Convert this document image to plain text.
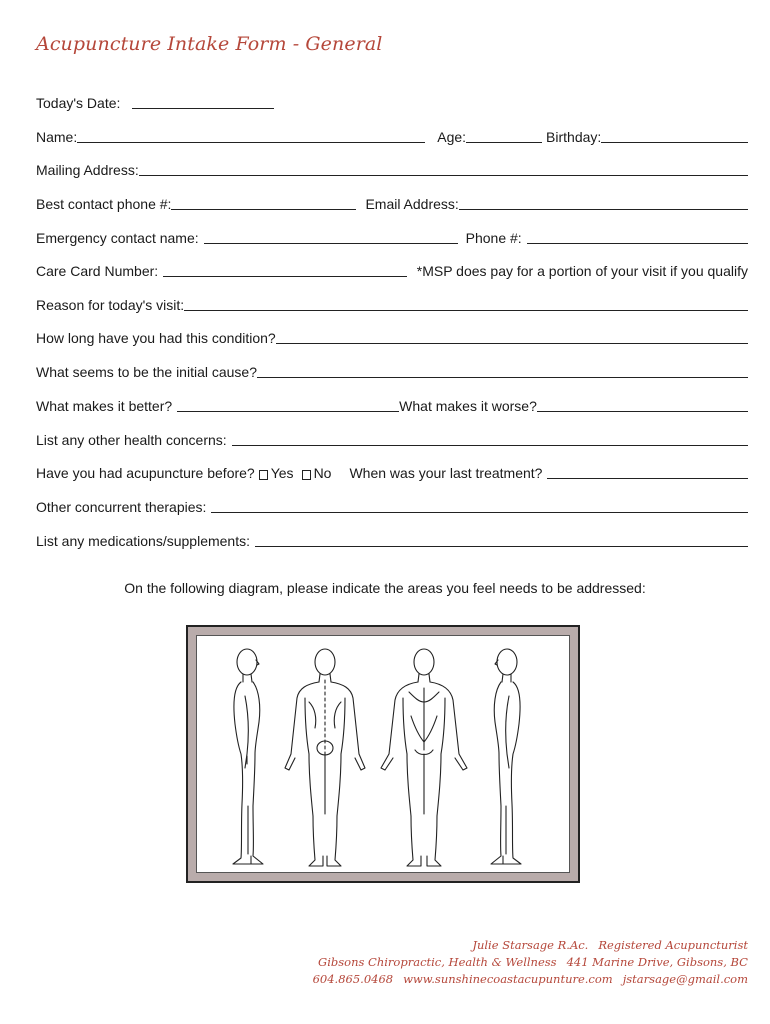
Acupuncture Intake Form - General
Today's Date:
Name:	Age:	Birthday:
Mailing Address:
Best contact phone #:	Email Address:
Emergency contact name:	Phone #:
Care Card Number:	*MSP does pay for a portion of your visit if you qualify
Reason for today's visit:
How long have you had this condition?
What seems to be the initial cause?
What makes it better?	What makes it worse?
List any other health concerns:
Have you had acupuncture before? Yes No When was your last treatment?
Other concurrent therapies:
List any medications/supplements:
On the following diagram, please indicate the areas you feel needs to be addressed:
Julie Starsage R.Ac. Registered Acupuncturist
Gibsons Chiropractic, Health & Wellness 441 Marine Drive, Gibsons, BC
604.865.0468 www.sunshinecoastacupunture.com jstarsage@gmail.com
